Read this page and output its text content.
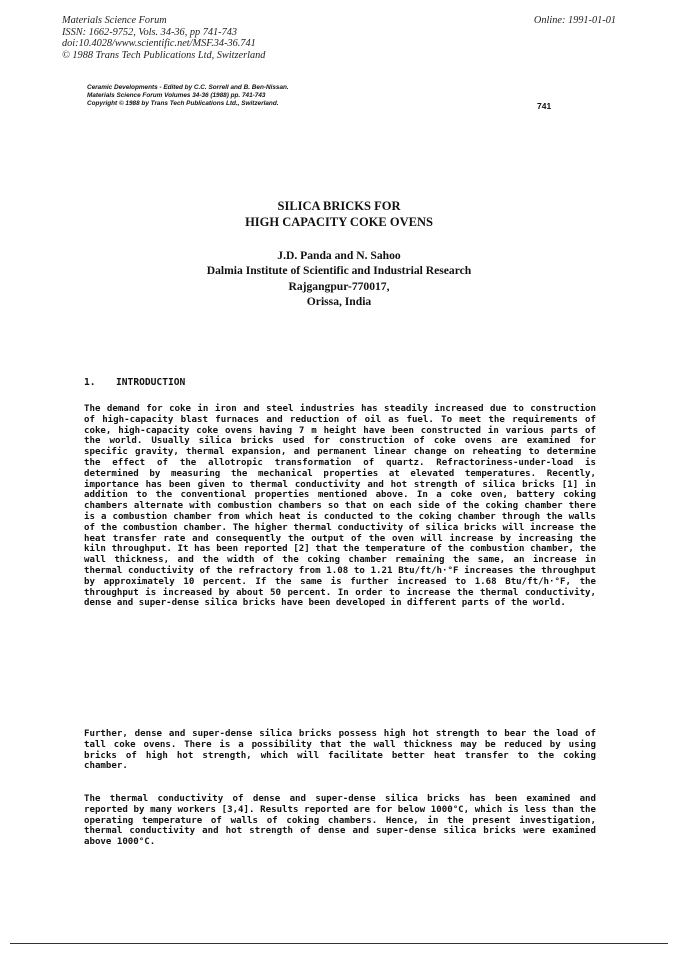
Materials Science Forum
ISSN: 1662-9752, Vols. 34-36, pp 741-743
doi:10.4028/www.scientific.net/MSF.34-36.741
© 1988 Trans Tech Publications Ltd, Switzerland
Online: 1991-01-01
Ceramic Developments - Edited by C.C. Sorrell and B. Ben-Nissan.
Materials Science Forum Volumes 34-36 (1988) pp. 741-743
Copyright © 1988 by Trans Tech Publications Ltd., Switzerland.	741
SILICA BRICKS FOR
HIGH CAPACITY COKE OVENS
J.D. Panda and N. Sahoo
Dalmia Institute of Scientific and Industrial Research
Rajgangpur-770017,
Orissa, India
1. INTRODUCTION
The demand for coke in iron and steel industries has steadily increased due to construction of high-capacity blast furnaces and reduction of oil as fuel. To meet the requirements of coke, high-capacity coke ovens having 7 m height have been constructed in various parts of the world. Usually silica bricks used for construction of coke ovens are examined for specific gravity, thermal expansion, and permanent linear change on reheating to determine the effect of the allotropic transformation of quartz. Refractoriness-under-load is determined by measuring the mechanical properties at elevated temperatures. Recently, importance has been given to thermal conductivity and hot strength of silica bricks [1] in addition to the conventional properties mentioned above. In a coke oven, battery coking chambers alternate with combustion chambers so that on each side of the coking chamber there is a combustion chamber from which heat is conducted to the coking chamber through the walls of the combustion chamber. The higher thermal conductivity of silica bricks will increase the heat transfer rate and consequently the output of the oven will increase by increasing the kiln throughput. It has been reported [2] that the temperature of the combustion chamber, the wall thickness, and the width of the coking chamber remaining the same, an increase in thermal conductivity of the refractory from 1.08 to 1.21 Btu/ft/h·°F increases the throughput by approximately 10 percent. If the same is further increased to 1.68 Btu/ft/h·°F, the throughput is increased by about 50 percent. In order to increase the thermal conductivity, dense and super-dense silica bricks have been developed in different parts of the world.
Further, dense and super-dense silica bricks possess high hot strength to bear the load of tall coke ovens. There is a possibility that the wall thickness may be reduced by using bricks of high hot strength, which will facilitate better heat transfer to the coking chamber.
The thermal conductivity of dense and super-dense silica bricks has been examined and reported by many workers [3,4]. Results reported are for below 1000°C, which is less than the operating temperature of walls of coking chambers. Hence, in the present investigation, thermal conductivity and hot strength of dense and super-dense silica bricks were examined above 1000°C.
